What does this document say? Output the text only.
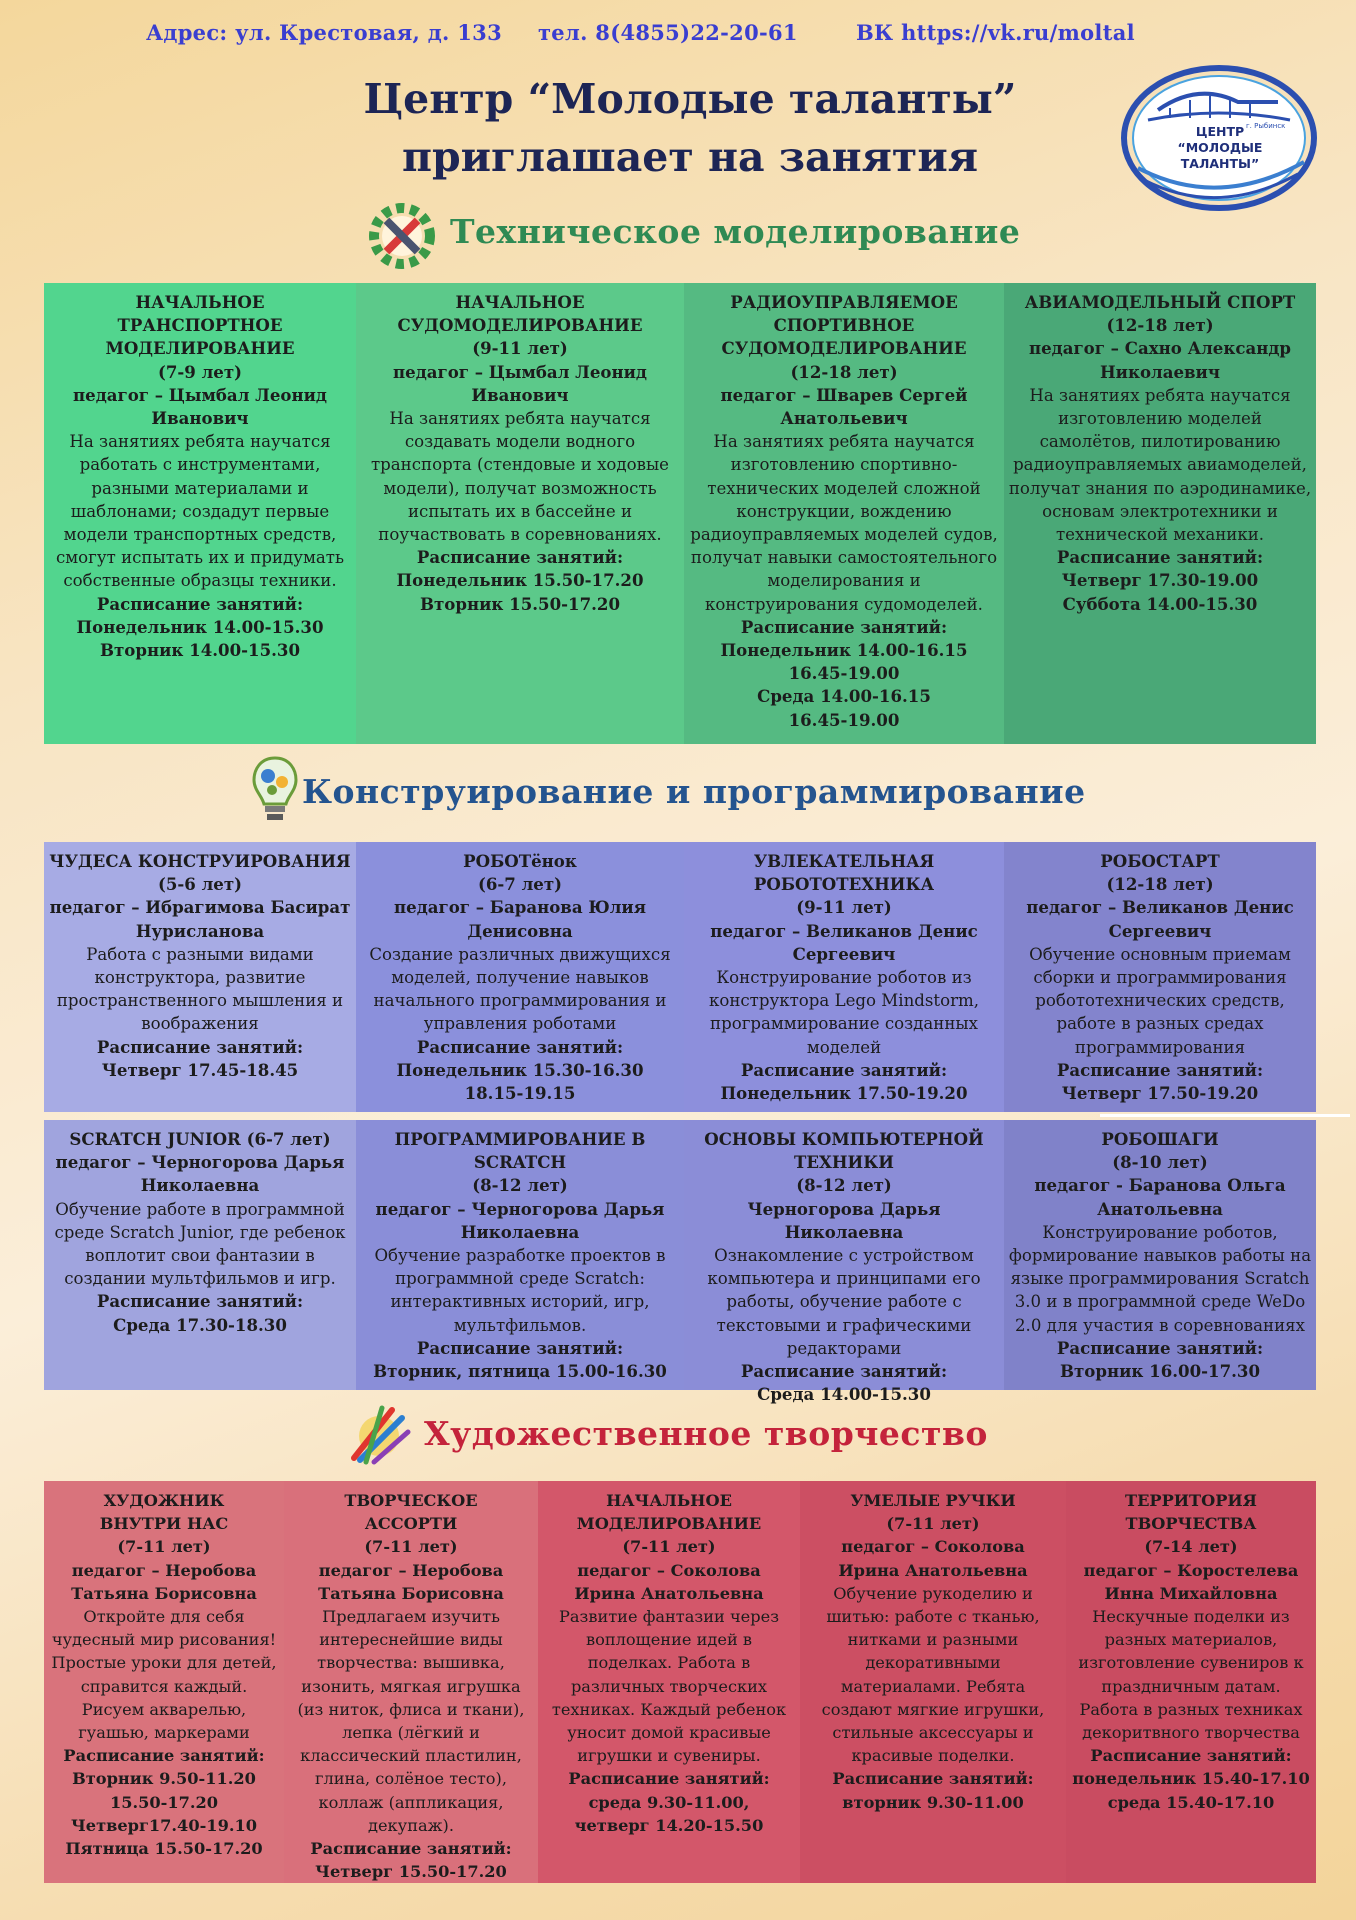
Адрес: ул. Крестовая, д. 133 тел. 8(4855)22-20-61	ВК https://vk.ru/moltal
Центр “Молодые таланты”
приглашает на занятия
ЦЕНТР
“МОЛОДЫЕ
ТАЛАНТЫ”
г. Рыбинск
Техническое моделирование
НАЧАЛЬНОЕ
ТРАНСПОРТНОЕ
МОДЕЛИРОВАНИЕ
(7-9 лет)
педагог – Цымбал Леонид
Иванович
На занятиях ребята научатся работать с инструментами, разными материалами и шаблонами; создадут первые модели транспортных средств, смогут испытать их и придумать собственные образцы техники.
Расписание занятий:
Понедельник 14.00-15.30
Вторник 14.00-15.30
НАЧАЛЬНОЕ
СУДОМОДЕЛИРОВАНИЕ
(9-11 лет)
педагог – Цымбал Леонид
Иванович
На занятиях ребята научатся создавать модели водного транспорта (стендовые и ходовые модели), получат возможность испытать их в бассейне и поучаствовать в соревнованиях.
Расписание занятий:
Понедельник 15.50-17.20
Вторник 15.50-17.20
РАДИОУПРАВЛЯЕМОЕ
СПОРТИВНОЕ
СУДОМОДЕЛИРОВАНИЕ
(12-18 лет)
педагог – Шварев Сергей
Анатольевич
На занятиях ребята научатся изготовлению спортивно-технических моделей сложной конструкции, вождению радиоуправляемых моделей судов, получат навыки самостоятельного моделирования и конструирования судомоделей.
Расписание занятий:
Понедельник 14.00-16.15
16.45-19.00
Среда 14.00-16.15
16.45-19.00
АВИАМОДЕЛЬНЫЙ СПОРТ
(12-18 лет)
педагог – Сахно Александр
Николаевич
На занятиях ребята научатся изготовлению моделей самолётов, пилотированию радиоуправляемых авиамоделей, получат знания по аэродинамике, основам электротехники и технической механики.
Расписание занятий:
Четверг 17.30-19.00
Суббота 14.00-15.30
Конструирование и программирование
ЧУДЕСА КОНСТРУИРОВАНИЯ
(5-6 лет)
педагог – Ибрагимова Басират
Нурисланова
Работа с разными видами конструктора, развитие пространственного мышления и воображения
Расписание занятий:
Четверг 17.45-18.45
РОБОТёнок
(6-7 лет)
педагог – Баранова Юлия
Денисовна
Создание различных движущихся моделей, получение навыков начального программирования и управления роботами
Расписание занятий:
Понедельник 15.30-16.30
18.15-19.15
УВЛЕКАТЕЛЬНАЯ
РОБОТОТЕХНИКА
(9-11 лет)
педагог – Великанов Денис
Сергеевич
Конструирование роботов из конструктора Lego Mindstorm, программирование созданных моделей
Расписание занятий:
Понедельник 17.50-19.20
РОБОСТАРТ
(12-18 лет)
педагог – Великанов Денис
Сергеевич
Обучение основным приемам сборки и программирования робототехнических средств, работе в разных средах программирования
Расписание занятий:
Четверг 17.50-19.20
SCRATCH JUNIOR (6-7 лет)
педагог – Черногорова Дарья
Николаевна
Обучение работе в программной среде Scratch Junior, где ребенок воплотит свои фантазии в создании мультфильмов и игр.
Расписание занятий:
Среда 17.30-18.30
ПРОГРАММИРОВАНИЕ В
SCRATCH
(8-12 лет)
педагог – Черногорова Дарья
Николаевна
Обучение разработке проектов в программной среде Scratch: интерактивных историй, игр, мультфильмов.
Расписание занятий:
Вторник, пятница 15.00-16.30
ОСНОВЫ КОМПЬЮТЕРНОЙ
ТЕХНИКИ
(8-12 лет)
Черногорова Дарья Николаевна
Ознакомление с устройством компьютера и принципами его работы, обучение работе с текстовыми и графическими редакторами
Расписание занятий:
Среда 14.00-15.30
РОБОШАГИ
(8-10 лет)
педагог - Баранова Ольга
Анатольевна
Конструирование роботов, формирование навыков работы на языке программирования Scratch 3.0 и в программной среде WeDo 2.0 для участия в соревнованиях
Расписание занятий:
Вторник 16.00-17.30
Художественное творчество
ХУДОЖНИК
ВНУТРИ НАС
(7-11 лет)
педагог – Неробова
Татьяна Борисовна
Откройте для себя чудесный мир рисования! Простые уроки для детей, справится каждый. Рисуем акварелью, гуашью, маркерами
Расписание занятий:
Вторник 9.50-11.20
15.50-17.20
Четверг17.40-19.10
Пятница 15.50-17.20
ТВОРЧЕСКОЕ
АССОРТИ
(7-11 лет)
педагог – Неробова
Татьяна Борисовна
Предлагаем изучить интереснейшие виды творчества: вышивка, изонить, мягкая игрушка (из ниток, флиса и ткани), лепка (лёгкий и классический пластилин, глина, солёное тесто), коллаж (аппликация, декупаж).
Расписание занятий:
Четверг 15.50-17.20
НАЧАЛЬНОЕ
МОДЕЛИРОВАНИЕ
(7-11 лет)
педагог – Соколова
Ирина Анатольевна
Развитие фантазии через воплощение идей в поделках. Работа в различных творческих техниках. Каждый ребенок уносит домой красивые игрушки и сувениры.
Расписание занятий:
среда 9.30-11.00,
четверг 14.20-15.50
УМЕЛЫЕ РУЧКИ
(7-11 лет)
педагог – Соколова
Ирина Анатольевна
Обучение рукоделию и шитью: работе с тканью, нитками и разными декоративными материалами. Ребята создают мягкие игрушки, стильные аксессуары и красивые поделки.
Расписание занятий:
вторник 9.30-11.00
ТЕРРИТОРИЯ
ТВОРЧЕСТВА
(7-14 лет)
педагог – Коростелева
Инна Михайловна
Нескучные поделки из разных материалов, изготовление сувениров к праздничным датам. Работа в разных техниках декоритвного творчества
Расписание занятий:
понедельник 15.40-17.10
среда 15.40-17.10
